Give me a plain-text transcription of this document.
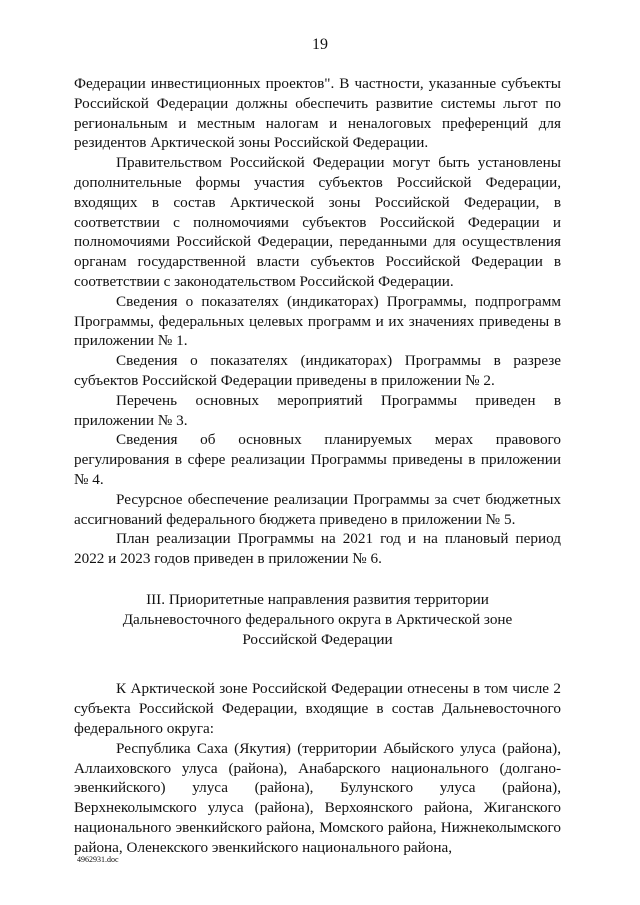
19

Федерации инвестиционных проектов". В частности, указанные субъекты Российской Федерации должны обеспечить развитие системы льгот по региональным и местным налогам и неналоговых преференций для резидентов Арктической зоны Российской Федерации.

Правительством Российской Федерации могут быть установлены дополнительные формы участия субъектов Российской Федерации, входящих в состав Арктической зоны Российской Федерации, в соответствии с полномочиями субъектов Российской Федерации и полномочиями Российской Федерации, переданными для осуществления органам государственной власти субъектов Российской Федерации в соответствии с законодательством Российской Федерации.

Сведения о показателях (индикаторах) Программы, подпрограмм Программы, федеральных целевых программ и их значениях приведены в приложении № 1.

Сведения о показателях (индикаторах) Программы в разрезе субъектов Российской Федерации приведены в приложении № 2.

Перечень основных мероприятий Программы приведен в приложении № 3.

Сведения об основных планируемых мерах правового регулирования в сфере реализации Программы приведены в приложении № 4.

Ресурсное обеспечение реализации Программы за счет бюджетных ассигнований федерального бюджета приведено в приложении № 5.

План реализации Программы на 2021 год и на плановый период 2022 и 2023 годов приведен в приложении № 6.

III. Приоритетные направления развития территории
Дальневосточного федерального округа в Арктической зоне
Российской Федерации

К Арктической зоне Российской Федерации отнесены в том числе 2 субъекта Российской Федерации, входящие в состав Дальневосточного федерального округа:

Республика Саха (Якутия) (территории Абыйского улуса (района), Аллаиховского улуса (района), Анабарского национального (долгано-эвенкийского) улуса (района), Булунского улуса (района), Верхнеколымского улуса (района), Верхоянского района, Жиганского национального эвенкийского района, Момского района, Нижнеколымского района, Оленекского эвенкийского национального района,

4962931.doc
